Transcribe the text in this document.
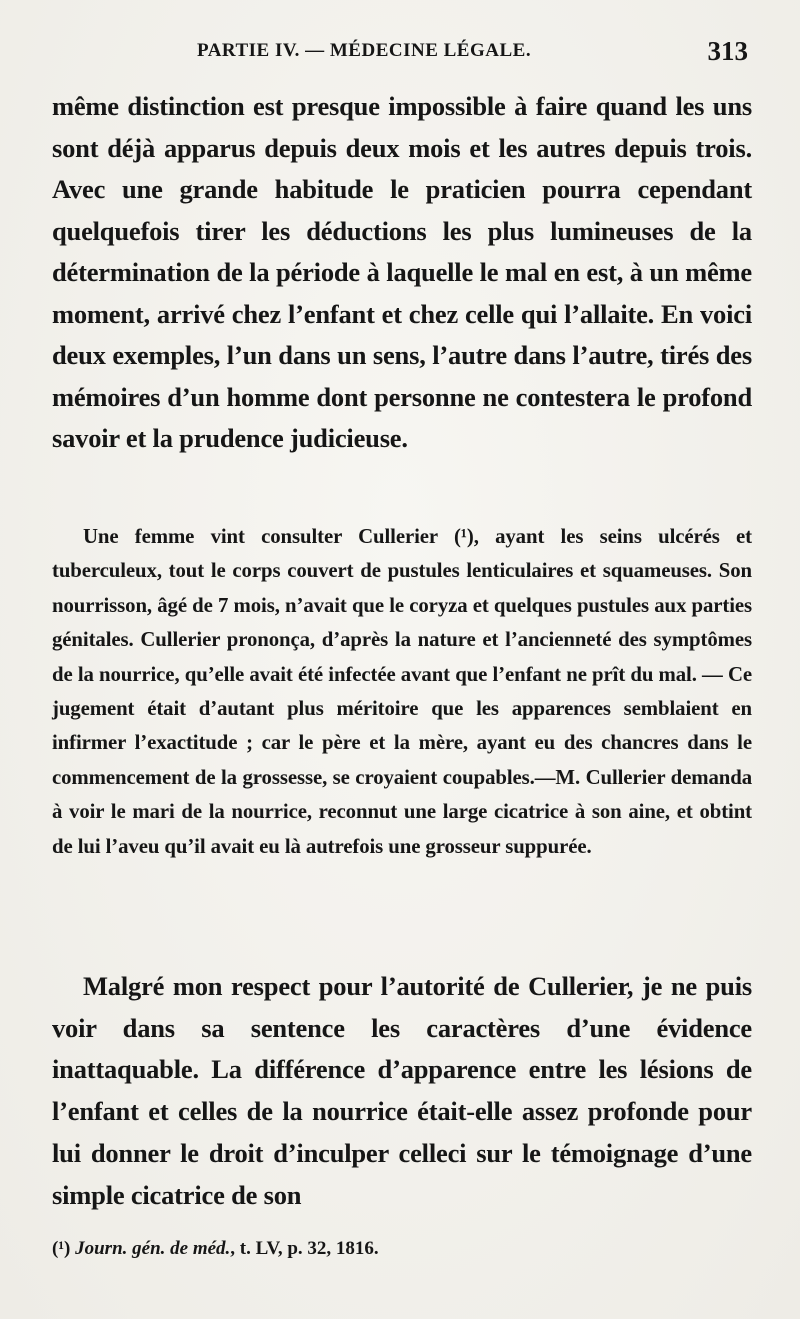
PARTIE IV. — MÉDECINE LÉGALE.	313

même distinction est presque impossible à faire quand les uns sont déjà apparus depuis deux mois et les autres depuis trois. Avec une grande habitude le praticien pourra cependant quelquefois tirer les déductions les plus lumineuses de la détermination de la période à laquelle le mal en est, à un même moment, arrivé chez l’enfant et chez celle qui l’allaite. En voici deux exemples, l’un dans un sens, l’autre dans l’autre, tirés des mémoires d’un homme dont personne ne contestera le profond savoir et la prudence judicieuse.

Une femme vint consulter Cullerier (¹), ayant les seins ulcérés et tuberculeux, tout le corps couvert de pustules lenticulaires et squameuses. Son nourrisson, âgé de 7 mois, n’avait que le coryza et quelques pustules aux parties génitales. Cullerier prononça, d’après la nature et l’ancienneté des symptômes de la nourrice, qu’elle avait été infectée avant que l’enfant ne prît du mal. — Ce jugement était d’autant plus méritoire que les apparences semblaient en infirmer l’exactitude ; car le père et la mère, ayant eu des chancres dans le commencement de la grossesse, se croyaient coupables.—M. Cullerier demanda à voir le mari de la nourrice, reconnut une large cicatrice à son aine, et obtint de lui l’aveu qu’il avait eu là autrefois une grosseur suppurée.

Malgré mon respect pour l’autorité de Cullerier, je ne puis voir dans sa sentence les caractères d’une évidence inattaquable. La différence d’apparence entre les lésions de l’enfant et celles de la nourrice était-elle assez profonde pour lui donner le droit d’inculper celleci sur le témoignage d’une simple cicatrice de son

(¹) Journ. gén. de méd., t. LV, p. 32, 1816.
